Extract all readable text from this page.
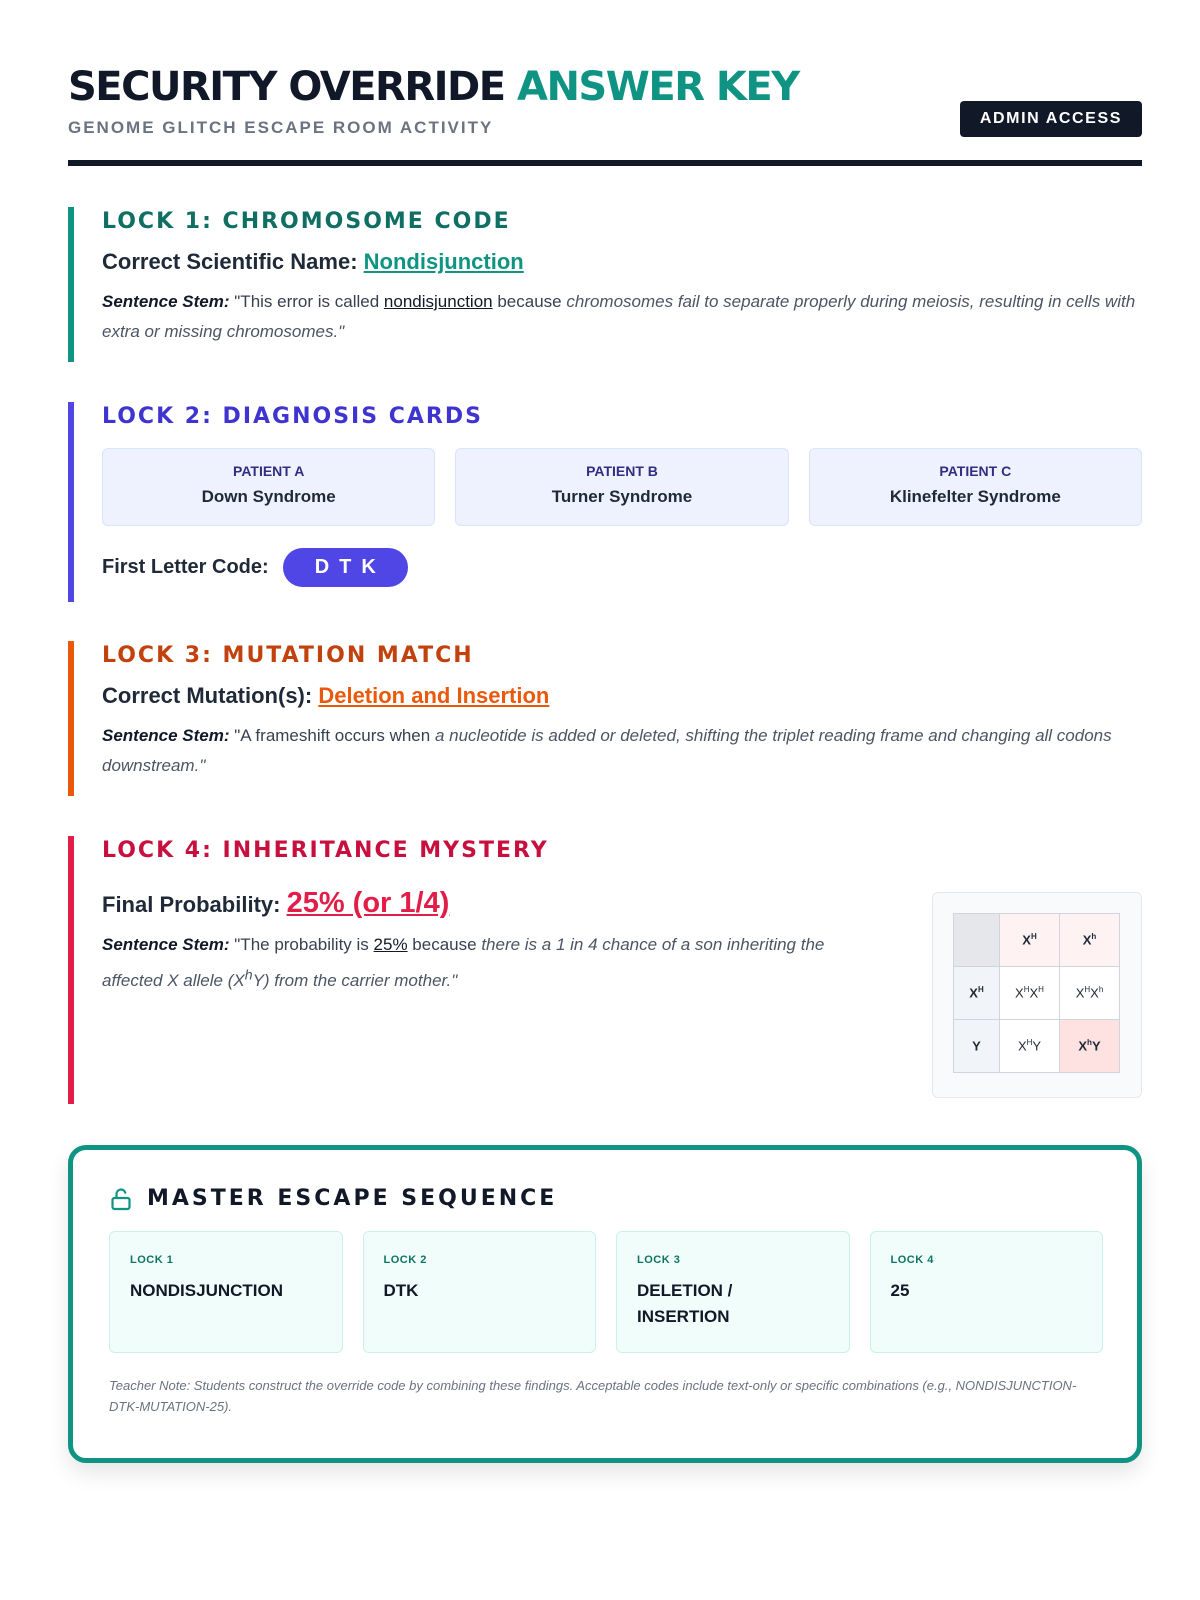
SECURITY OVERRIDE ANSWER KEY
GENOME GLITCH ESCAPE ROOM ACTIVITY	ADMIN ACCESS
LOCK 1: CHROMOSOME CODE
Correct Scientific Name: Nondisjunction

Sentence Stem: "This error is called nondisjunction because chromosomes fail to separate properly during meiosis, resulting in cells with extra or missing chromosomes."

LOCK 2: DIAGNOSIS CARDS
PATIENT A
Down Syndrome
PATIENT B
Turner Syndrome
PATIENT C
Klinefelter Syndrome
First Letter Code:	DTK
LOCK 3: MUTATION MATCH
Correct Mutation(s): Deletion and Insertion

Sentence Stem: "A frameshift occurs when a nucleotide is added or deleted, shifting the triplet reading frame and changing all codons downstream."

LOCK 4: INHERITANCE MYSTERY
Final Probability: 25% (or 1/4)

Sentence Stem: "The probability is 25% because there is a 1 in 4 chance of a son inheriting the affected X allele $(X^hY)$ from the carrier mother."

	$X^H$	$X^h$
$X^H$	$X^HX^H$	$X^HX^h$
Y	$X^HY$	$X^hY$
MASTER ESCAPE SEQUENCE
LOCK 1
NONDISJUNCTION
LOCK 2
DTK
LOCK 3
DELETION / INSERTION
LOCK 4
25

Teacher Note: Students construct the override code by combining these findings. Acceptable codes include text-only or specific combinations (e.g., NONDISJUNCTION-DTK-MUTATION-25).
